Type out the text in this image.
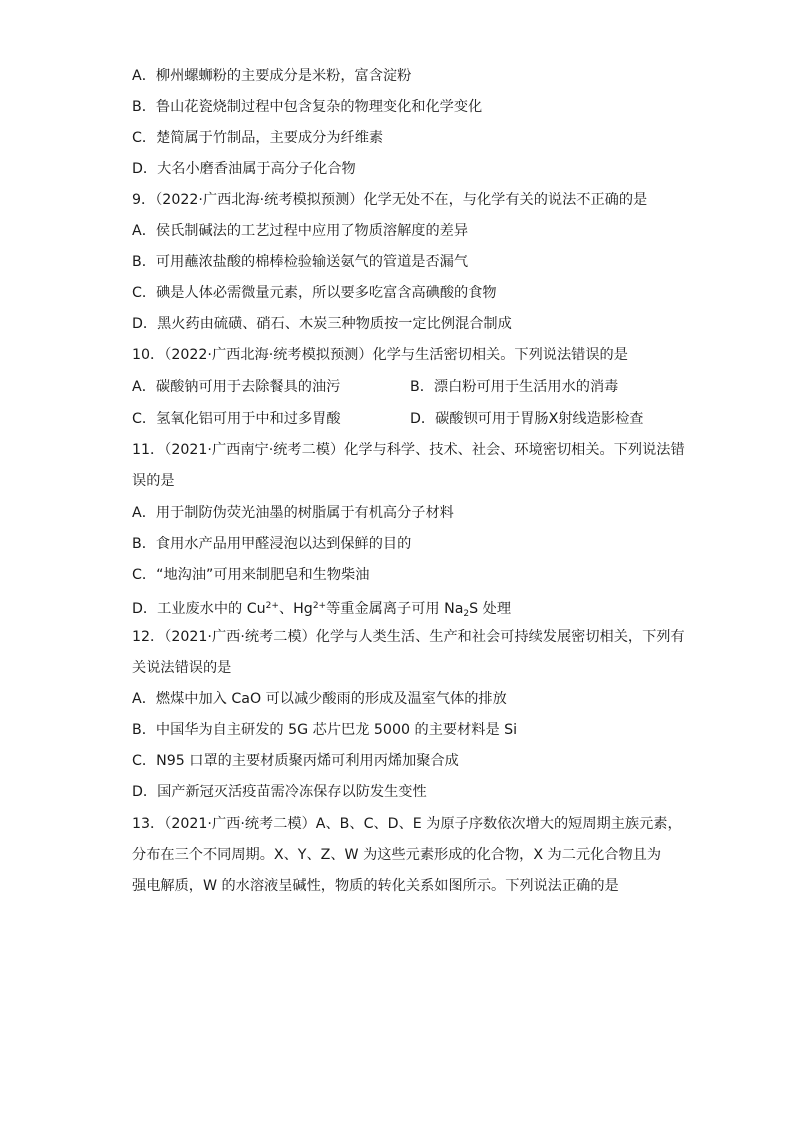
A．柳州螺蛳粉的主要成分是米粉，富含淀粉
B．鲁山花瓷烧制过程中包含复杂的物理变化和化学变化
C．楚简属于竹制品，主要成分为纤维素
D．大名小磨香油属于高分子化合物
9．（2022·广西北海·统考模拟预测）化学无处不在，与化学有关的说法不正确的是
A．侯氏制碱法的工艺过程中应用了物质溶解度的差异
B．可用蘸浓盐酸的棉棒检验输送氨气的管道是否漏气
C．碘是人体必需微量元素，所以要多吃富含高碘酸的食物
D．黑火药由硫磺、硝石、木炭三种物质按一定比例混合制成
10．（2022·广西北海·统考模拟预测）化学与生活密切相关。下列说法错误的是
A．碳酸钠可用于去除餐具的油污	B．漂白粉可用于生活用水的消毒
C．氢氧化铝可用于中和过多胃酸	D．碳酸钡可用于胃肠X射线造影检查
11．（2021·广西南宁·统考二模）化学与科学、技术、社会、环境密切相关。下列说法错
误的是
A．用于制防伪荧光油墨的树脂属于有机高分子材料
B．食用水产品用甲醛浸泡以达到保鲜的目的
C．“地沟油”可用来制肥皂和生物柴油
D．工业废水中的 $Cu^{2+}$、$Hg^{2+}$等重金属离子可用 $Na_2S$ 处理
12．（2021·广西·统考二模）化学与人类生活、生产和社会可持续发展密切相关，下列有
关说法错误的是
A．燃煤中加入 CaO 可以减少酸雨的形成及温室气体的排放
B．中国华为自主研发的 5G 芯片巴龙 5000 的主要材料是 Si
C．N95 口罩的主要材质聚丙烯可利用丙烯加聚合成
D．国产新冠灭活疫苗需冷冻保存以防发生变性
13．（2021·广西·统考二模）A、B、C、D、E 为原子序数依次增大的短周期主族元素，
分布在三个不同周期。X、Y、Z、W 为这些元素形成的化合物，X 为二元化合物且为
强电解质，W 的水溶液呈碱性，物质的转化关系如图所示。下列说法正确的是
